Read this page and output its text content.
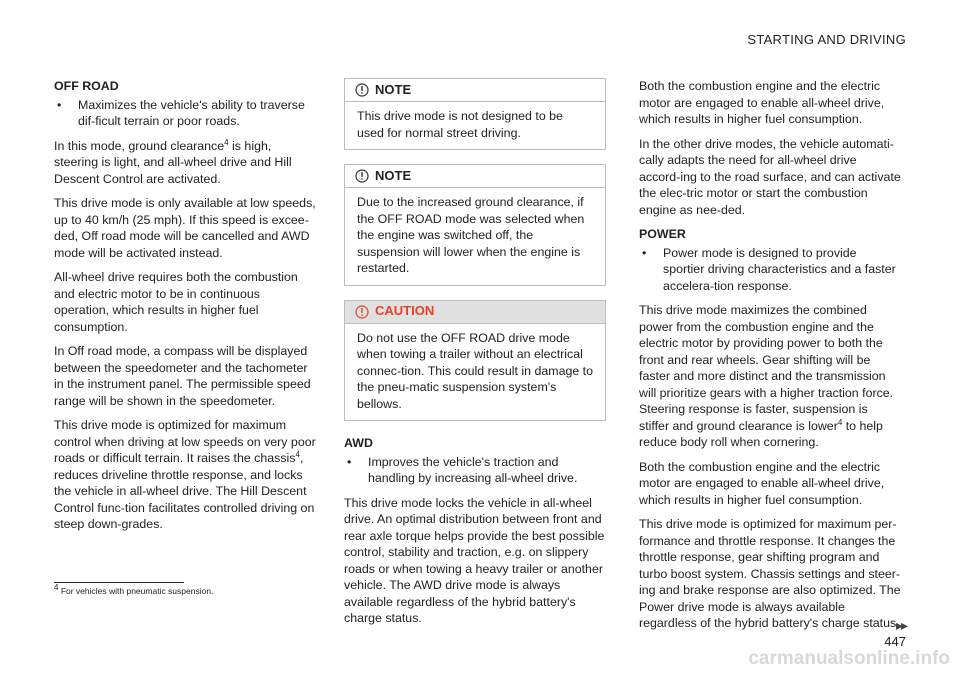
STARTING AND DRIVING
OFF ROAD
•	Maximizes the vehicle's ability to traverse dif-ficult terrain or poor roads.

In this mode, ground clearance$^4$ is high, steering is light, and all-wheel drive and Hill Descent Control are activated.

This drive mode is only available at low speeds, up to 40 km/h (25 mph). If this speed is excee-ded, Off road mode will be cancelled and AWD mode will be activated instead.

All-wheel drive requires both the combustion and electric motor to be in continuous operation, which results in higher fuel consumption.

In Off road mode, a compass will be displayed between the speedometer and the tachometer in the instrument panel. The permissible speed range will be shown in the speedometer.

This drive mode is optimized for maximum control when driving at low speeds on very poor roads or difficult terrain. It raises the chassis$^4$, reduces driveline throttle response, and locks the vehicle in all-wheel drive. The Hill Descent Control func-tion facilitates controlled driving on steep down-grades.

NOTE

This drive mode is not designed to be used for normal street driving.

NOTE

Due to the increased ground clearance, if the OFF ROAD mode was selected when the engine was switched off, the suspension will lower when the engine is restarted.

CAUTION

Do not use the OFF ROAD drive mode when towing a trailer without an electrical connec-tion. This could result in damage to the pneu-matic suspension system's bellows.

AWD
•	Improves the vehicle's traction and handling by increasing all-wheel drive.

This drive mode locks the vehicle in all-wheel drive. An optimal distribution between front and rear axle torque helps provide the best possible control, stability and traction, e.g. on slippery roads or when towing a heavy trailer or another vehicle. The AWD drive mode is always available regardless of the hybrid battery's charge status.

Both the combustion engine and the electric motor are engaged to enable all-wheel drive, which results in higher fuel consumption.

In the other drive modes, the vehicle automati-cally adapts the need for all-wheel drive accord-ing to the road surface, and can activate the elec-tric motor or start the combustion engine as nee-ded.

POWER
•	Power mode is designed to provide sportier driving characteristics and a faster accelera-tion response.

This drive mode maximizes the combined power from the combustion engine and the electric motor by providing power to both the front and rear wheels. Gear shifting will be faster and more distinct and the transmission will prioritize gears with a higher traction force. Steering response is faster, suspension is stiffer and ground clearance is lower$^4$ to help reduce body roll when cornering.

Both the combustion engine and the electric motor are engaged to enable all-wheel drive, which results in higher fuel consumption.

This drive mode is optimized for maximum per-formance and throttle response. It changes the throttle response, gear shifting program and turbo boost system. Chassis settings and steer-ing and brake response are also optimized. The Power drive mode is always available regardless of the hybrid battery's charge status.

$^4$ For vehicles with pneumatic suspension.
▸▸
447
carmanualsonline.info
